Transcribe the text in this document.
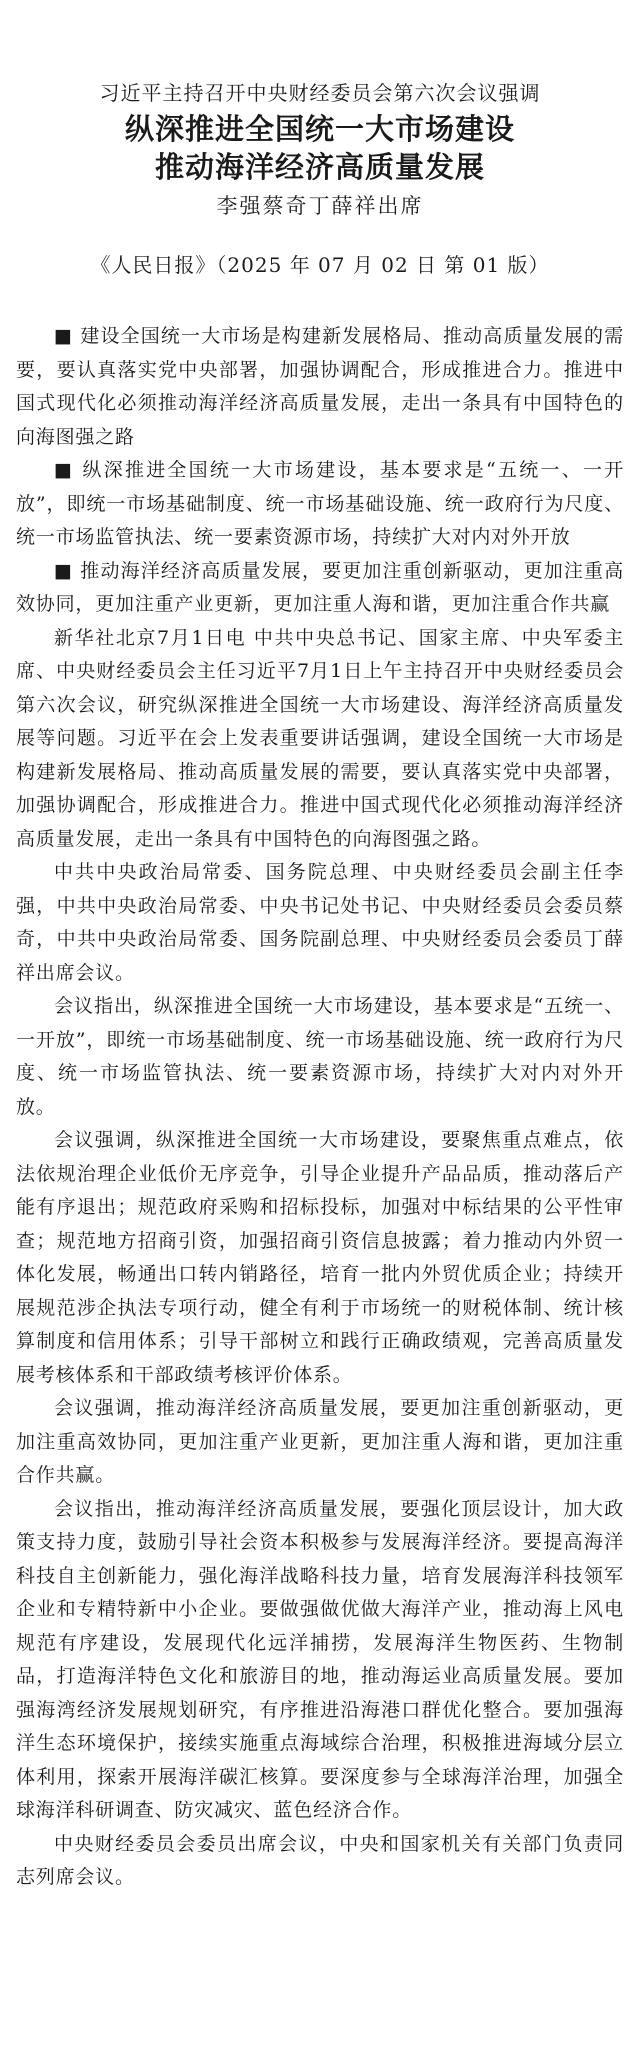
习近平主持召开中央财经委员会第六次会议强调

纵深推进全国统一大市场建设
推动海洋经济高质量发展

李强蔡奇丁薛祥出席

《人民日报》（2025 年 07 月 02 日 第 01 版）

■ 建设全国统一大市场是构建新发展格局、推动高质量发展的需要，要认真落实党中央部署，加强协调配合，形成推进合力。推进中国式现代化必须推动海洋经济高质量发展，走出一条具有中国特色的向海图强之路

■ 纵深推进全国统一大市场建设，基本要求是“五统一、一开放”，即统一市场基础制度、统一市场基础设施、统一政府行为尺度、统一市场监管执法、统一要素资源市场，持续扩大对内对外开放

■ 推动海洋经济高质量发展，要更加注重创新驱动，更加注重高效协同，更加注重产业更新，更加注重人海和谐，更加注重合作共赢

新华社北京7月1日电 中共中央总书记、国家主席、中央军委主席、中央财经委员会主任习近平7月1日上午主持召开中央财经委员会第六次会议，研究纵深推进全国统一大市场建设、海洋经济高质量发展等问题。习近平在会上发表重要讲话强调，建设全国统一大市场是构建新发展格局、推动高质量发展的需要，要认真落实党中央部署，加强协调配合，形成推进合力。推进中国式现代化必须推动海洋经济高质量发展，走出一条具有中国特色的向海图强之路。

中共中央政治局常委、国务院总理、中央财经委员会副主任李强，中共中央政治局常委、中央书记处书记、中央财经委员会委员蔡奇，中共中央政治局常委、国务院副总理、中央财经委员会委员丁薛祥出席会议。

会议指出，纵深推进全国统一大市场建设，基本要求是“五统一、一开放”，即统一市场基础制度、统一市场基础设施、统一政府行为尺度、统一市场监管执法、统一要素资源市场，持续扩大对内对外开放。

会议强调，纵深推进全国统一大市场建设，要聚焦重点难点，依法依规治理企业低价无序竞争，引导企业提升产品品质，推动落后产能有序退出；规范政府采购和招标投标，加强对中标结果的公平性审查；规范地方招商引资，加强招商引资信息披露；着力推动内外贸一体化发展，畅通出口转内销路径，培育一批内外贸优质企业；持续开展规范涉企执法专项行动，健全有利于市场统一的财税体制、统计核算制度和信用体系；引导干部树立和践行正确政绩观，完善高质量发展考核体系和干部政绩考核评价体系。

会议强调，推动海洋经济高质量发展，要更加注重创新驱动，更加注重高效协同，更加注重产业更新，更加注重人海和谐，更加注重合作共赢。

会议指出，推动海洋经济高质量发展，要强化顶层设计，加大政策支持力度，鼓励引导社会资本积极参与发展海洋经济。要提高海洋科技自主创新能力，强化海洋战略科技力量，培育发展海洋科技领军企业和专精特新中小企业。要做强做优做大海洋产业，推动海上风电规范有序建设，发展现代化远洋捕捞，发展海洋生物医药、生物制品，打造海洋特色文化和旅游目的地，推动海运业高质量发展。要加强海湾经济发展规划研究，有序推进沿海港口群优化整合。要加强海洋生态环境保护，接续实施重点海域综合治理，积极推进海域分层立体利用，探索开展海洋碳汇核算。要深度参与全球海洋治理，加强全球海洋科研调查、防灾减灾、蓝色经济合作。

中央财经委员会委员出席会议，中央和国家机关有关部门负责同志列席会议。
